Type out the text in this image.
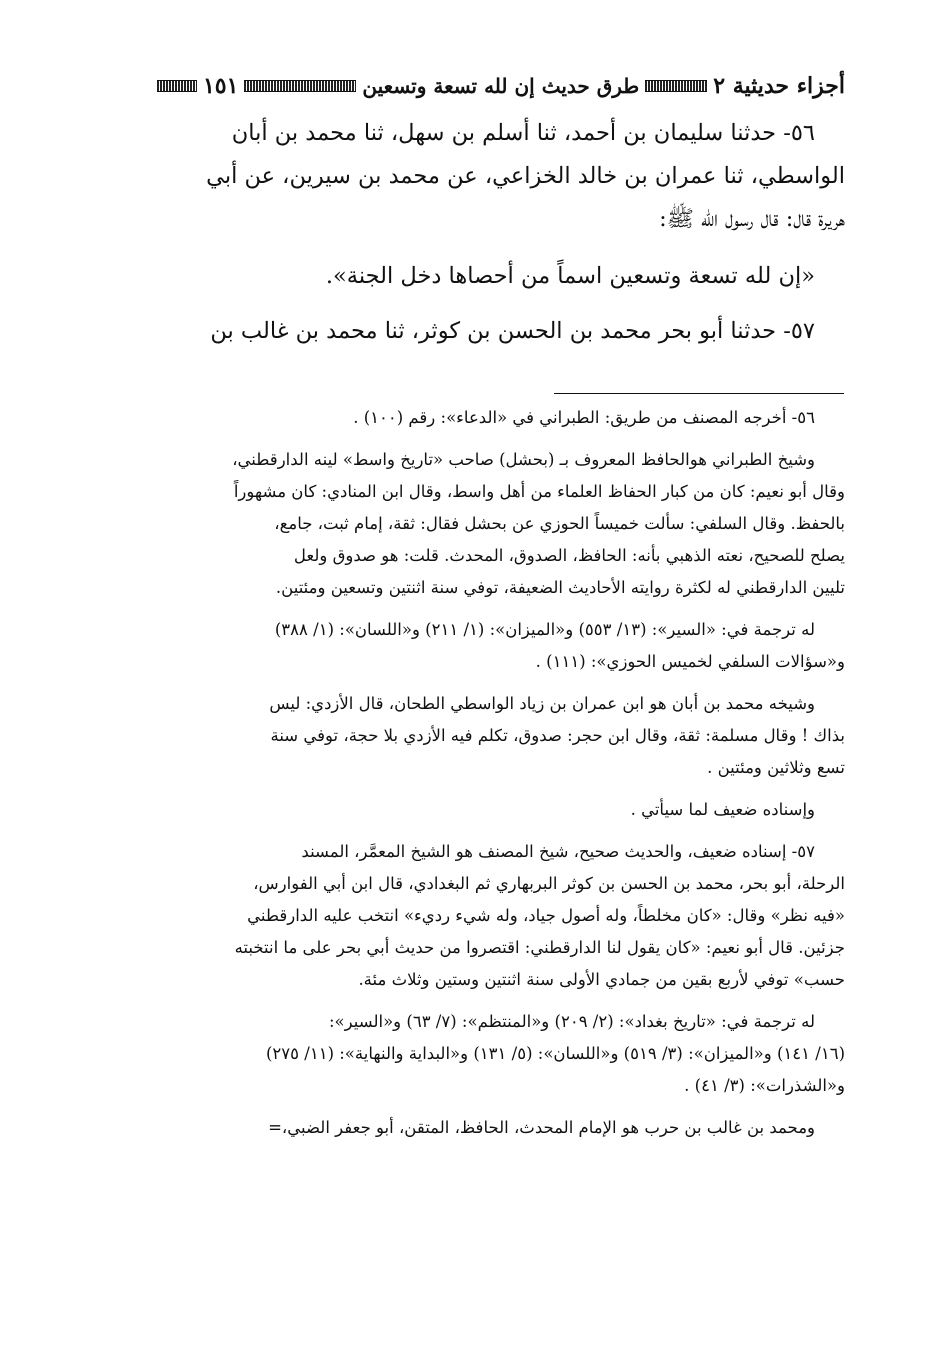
أجزاء حديثية ٢
طرق حديث إن لله تسعة وتسعين
١٥١
٥٦- حدثنا سليمان بن أحمد، ثنا أسلم بن سهل، ثنا محمد بن أبان
الواسطي، ثنا عمران بن خالد الخزاعي، عن محمد بن سيرين، عن أبي
هريرة قال: قال رسول الله ﷺ:
«إن لله تسعة وتسعين اسماً من أحصاها دخل الجنة».
٥٧- حدثنا أبو بحر محمد بن الحسن بن كوثر، ثنا محمد بن غالب بن
٥٦- أخرجه المصنف من طريق: الطبراني في «الدعاء»: رقم (١٠٠) .
وشيخ الطبراني هوالحافظ المعروف بـ (بحشل) صاحب «تاريخ واسط» لينه الدارقطني،
وقال أبو نعيم: كان من كبار الحفاظ العلماء من أهل واسط، وقال ابن المنادي: كان مشهوراً
بالحفظ. وقال السلفي: سألت خميساً الحوزي عن بحشل فقال: ثقة، إمام ثبت، جامع،
يصلح للصحيح، نعته الذهبي بأنه: الحافظ، الصدوق، المحدث. قلت: هو صدوق ولعل
تليين الدارقطني له لكثرة روايته الأحاديث الضعيفة، توفي سنة اثنتين وتسعين ومئتين.
له ترجمة في: «السير»: (١٣/ ٥٥٣) و«الميزان»: (١/ ٢١١) و«اللسان»: (١/ ٣٨٨)
و«سؤالات السلفي لخميس الحوزي»: (١١١) .
وشيخه محمد بن أبان هو ابن عمران بن زياد الواسطي الطحان، قال الأزدي: ليس
بذاك ! وقال مسلمة: ثقة، وقال ابن حجر: صدوق، تكلم فيه الأزدي بلا حجة، توفي سنة
تسع وثلاثين ومئتين .
وإسناده ضعيف لما سيأتي .
٥٧- إسناده ضعيف، والحديث صحيح، شيخ المصنف هو الشيخ المعمَّر، المسند
الرحلة، أبو بحر، محمد بن الحسن بن كوثر البربهاري ثم البغدادي، قال ابن أبي الفوارس،
«فيه نظر» وقال: «كان مخلطاً، وله أصول جياد، وله شيء رديء» انتخب عليه الدارقطني
جزئين. قال أبو نعيم: «كان يقول لنا الدارقطني: اقتصروا من حديث أبي بحر على ما انتخبته
حسب» توفي لأربع بقين من جمادي الأولى سنة اثنتين وستين وثلاث مئة.
له ترجمة في: «تاريخ بغداد»: (٢/ ٢٠٩) و«المنتظم»: (٧/ ٦٣) و«السير»:
(١٦/ ١٤١) و«الميزان»: (٣/ ٥١٩) و«اللسان»: (٥/ ١٣١) و«البداية والنهاية»: (١١/ ٢٧٥)
و«الشذرات»: (٣/ ٤١) .
ومحمد بن غالب بن حرب هو الإمام المحدث، الحافظ، المتقن، أبو جعفر الضبي،=
